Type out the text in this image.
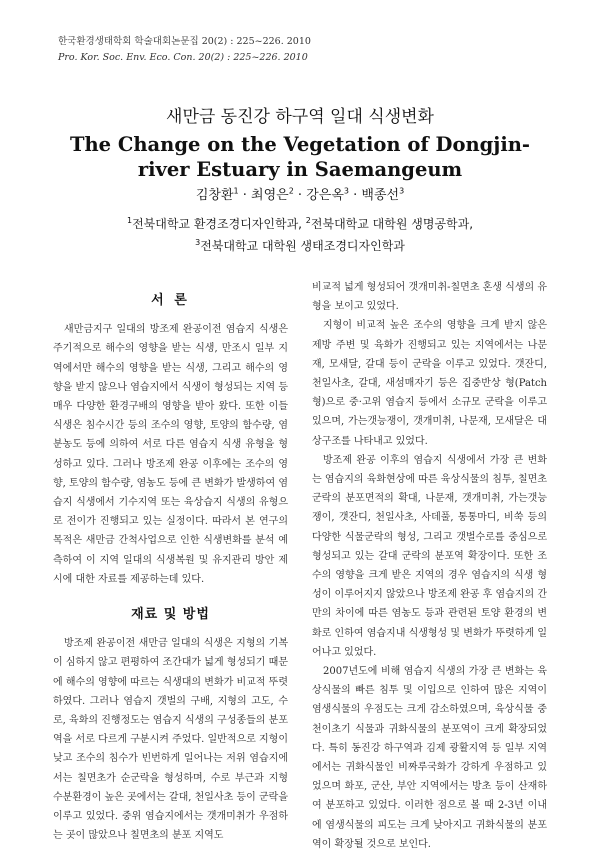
한국환경생태학회 학술대회논문집 20(2) : 225~226. 2010
Pro. Kor. Soc. Env. Eco. Con. 20(2) : 225~226. 2010
새만금 동진강 하구역 일대 식생변화
The Change on the Vegetation of Dongjin-river Estuary in Saemangeum
김창환$^1$ · 최영은$^2$ · 강은옥$^3$ · 백종선$^3$
$^1$전북대학교 환경조경디자인학과, $^2$전북대학교 대학원 생명공학과,
$^3$전북대학교 대학원 생태조경디자인학과
서 론

새만금지구 일대의 방조제 완공이전 염습지 식생은 주기적으로 해수의 영향을 받는 식생, 만조시 일부 지역에서만 해수의 영향을 받는 식생, 그리고 해수의 영향을 받지 않으나 염습지에서 식생이 형성되는 지역 등 매우 다양한 환경구배의 영향을 받아 왔다. 또한 이들 식생은 침수시간 등의 조수의 영향, 토양의 함수량, 염분농도 등에 의하여 서로 다른 염습지 식생 유형을 형성하고 있다. 그러나 방조제 완공 이후에는 조수의 영향, 토양의 함수량, 염농도 등에 큰 변화가 발생하여 염습지 식생에서 기수지역 또는 육상습지 식생의 유형으로 전이가 진행되고 있는 실정이다. 따라서 본 연구의 목적은 새만금 간척사업으로 인한 식생변화를 분석 예측하여 이 지역 일대의 식생복원 및 유지관리 방안 제시에 대한 자료를 제공하는데 있다.

재료 및 방법

방조제 완공이전 새만금 일대의 식생은 지형의 기복이 심하지 않고 편평하여 조간대가 넓게 형성되기 때문에 해수의 영향에 따르는 식생대의 변화가 비교적 뚜렷하였다. 그러나 염습지 갯벌의 구배, 지형의 고도, 수로, 육화의 진행정도는 염습지 식생의 구성종들의 분포역을 서로 다르게 구분시켜 주었다. 일반적으로 지형이 낮고 조수의 침수가 빈번하게 일어나는 저위 염습지에서는 칠면초가 순군락을 형성하며, 수로 부근과 지형 수분환경이 높은 곳에서는 갈대, 천일사초 등이 군락을 이루고 있었다. 중위 염습지에서는 갯개미취가 우점하는 곳이 많았으나 칠면초의 분포 지역도

비교적 넓게 형성되어 갯개미취-칠면초 혼생 식생의 유형을 보이고 있었다.

지형이 비교적 높은 조수의 영향을 크게 받지 않은 제방 주변 및 육화가 진행되고 있는 지역에서는 나문재, 모새달, 갈대 등이 군락을 이루고 있었다. 갯잔디, 천일사초, 갈대, 새섬매자기 등은 집중반상 형(Patch 형)으로 중·고위 염습지 등에서 소규모 군락을 이루고 있으며, 가는갯능쟁이, 갯개미취, 나문재, 모새달은 대상구조를 나타내고 있었다.

방조제 완공 이후의 염습지 식생에서 가장 큰 변화는 염습지의 육화현상에 따른 육상식물의 침투, 칠면초 군락의 분포면적의 확대, 나문재, 갯개미취, 가는갯능쟁이, 갯잔디, 천일사초, 사데풀, 통통마디, 비쑥 등의 다양한 식물군락의 형성, 그리고 갯벌수로를 중심으로 형성되고 있는 갈대 군락의 분포역 확장이다. 또한 조수의 영향을 크게 받은 지역의 경우 염습지의 식생 형성이 이루어지지 않았으나 방조제 완공 후 염습지의 간만의 차이에 따른 염농도 등과 관련된 토양 환경의 변화로 인하여 염습지내 식생형성 및 변화가 뚜렷하게 일어나고 있었다.

2007년도에 비해 염습지 식생의 가장 큰 변화는 육상식물의 빠른 침투 및 이입으로 인하여 많은 지역이 염생식물의 우점도는 크게 감소하였으며, 육상식물 중 천이초기 식물과 귀화식물의 분포역이 크게 확장되었다. 특히 동진강 하구역과 김제 광활지역 등 일부 지역에서는 귀화식물인 비짜루국화가 강하게 우점하고 있었으며 화포, 군산, 부안 지역에서는 방초 등이 산재하여 분포하고 있었다. 이러한 점으로 볼 때 2-3년 이내에 염생식물의 피도는 크게 낮아지고 귀화식물의 분포역이 확장될 것으로 보인다.
